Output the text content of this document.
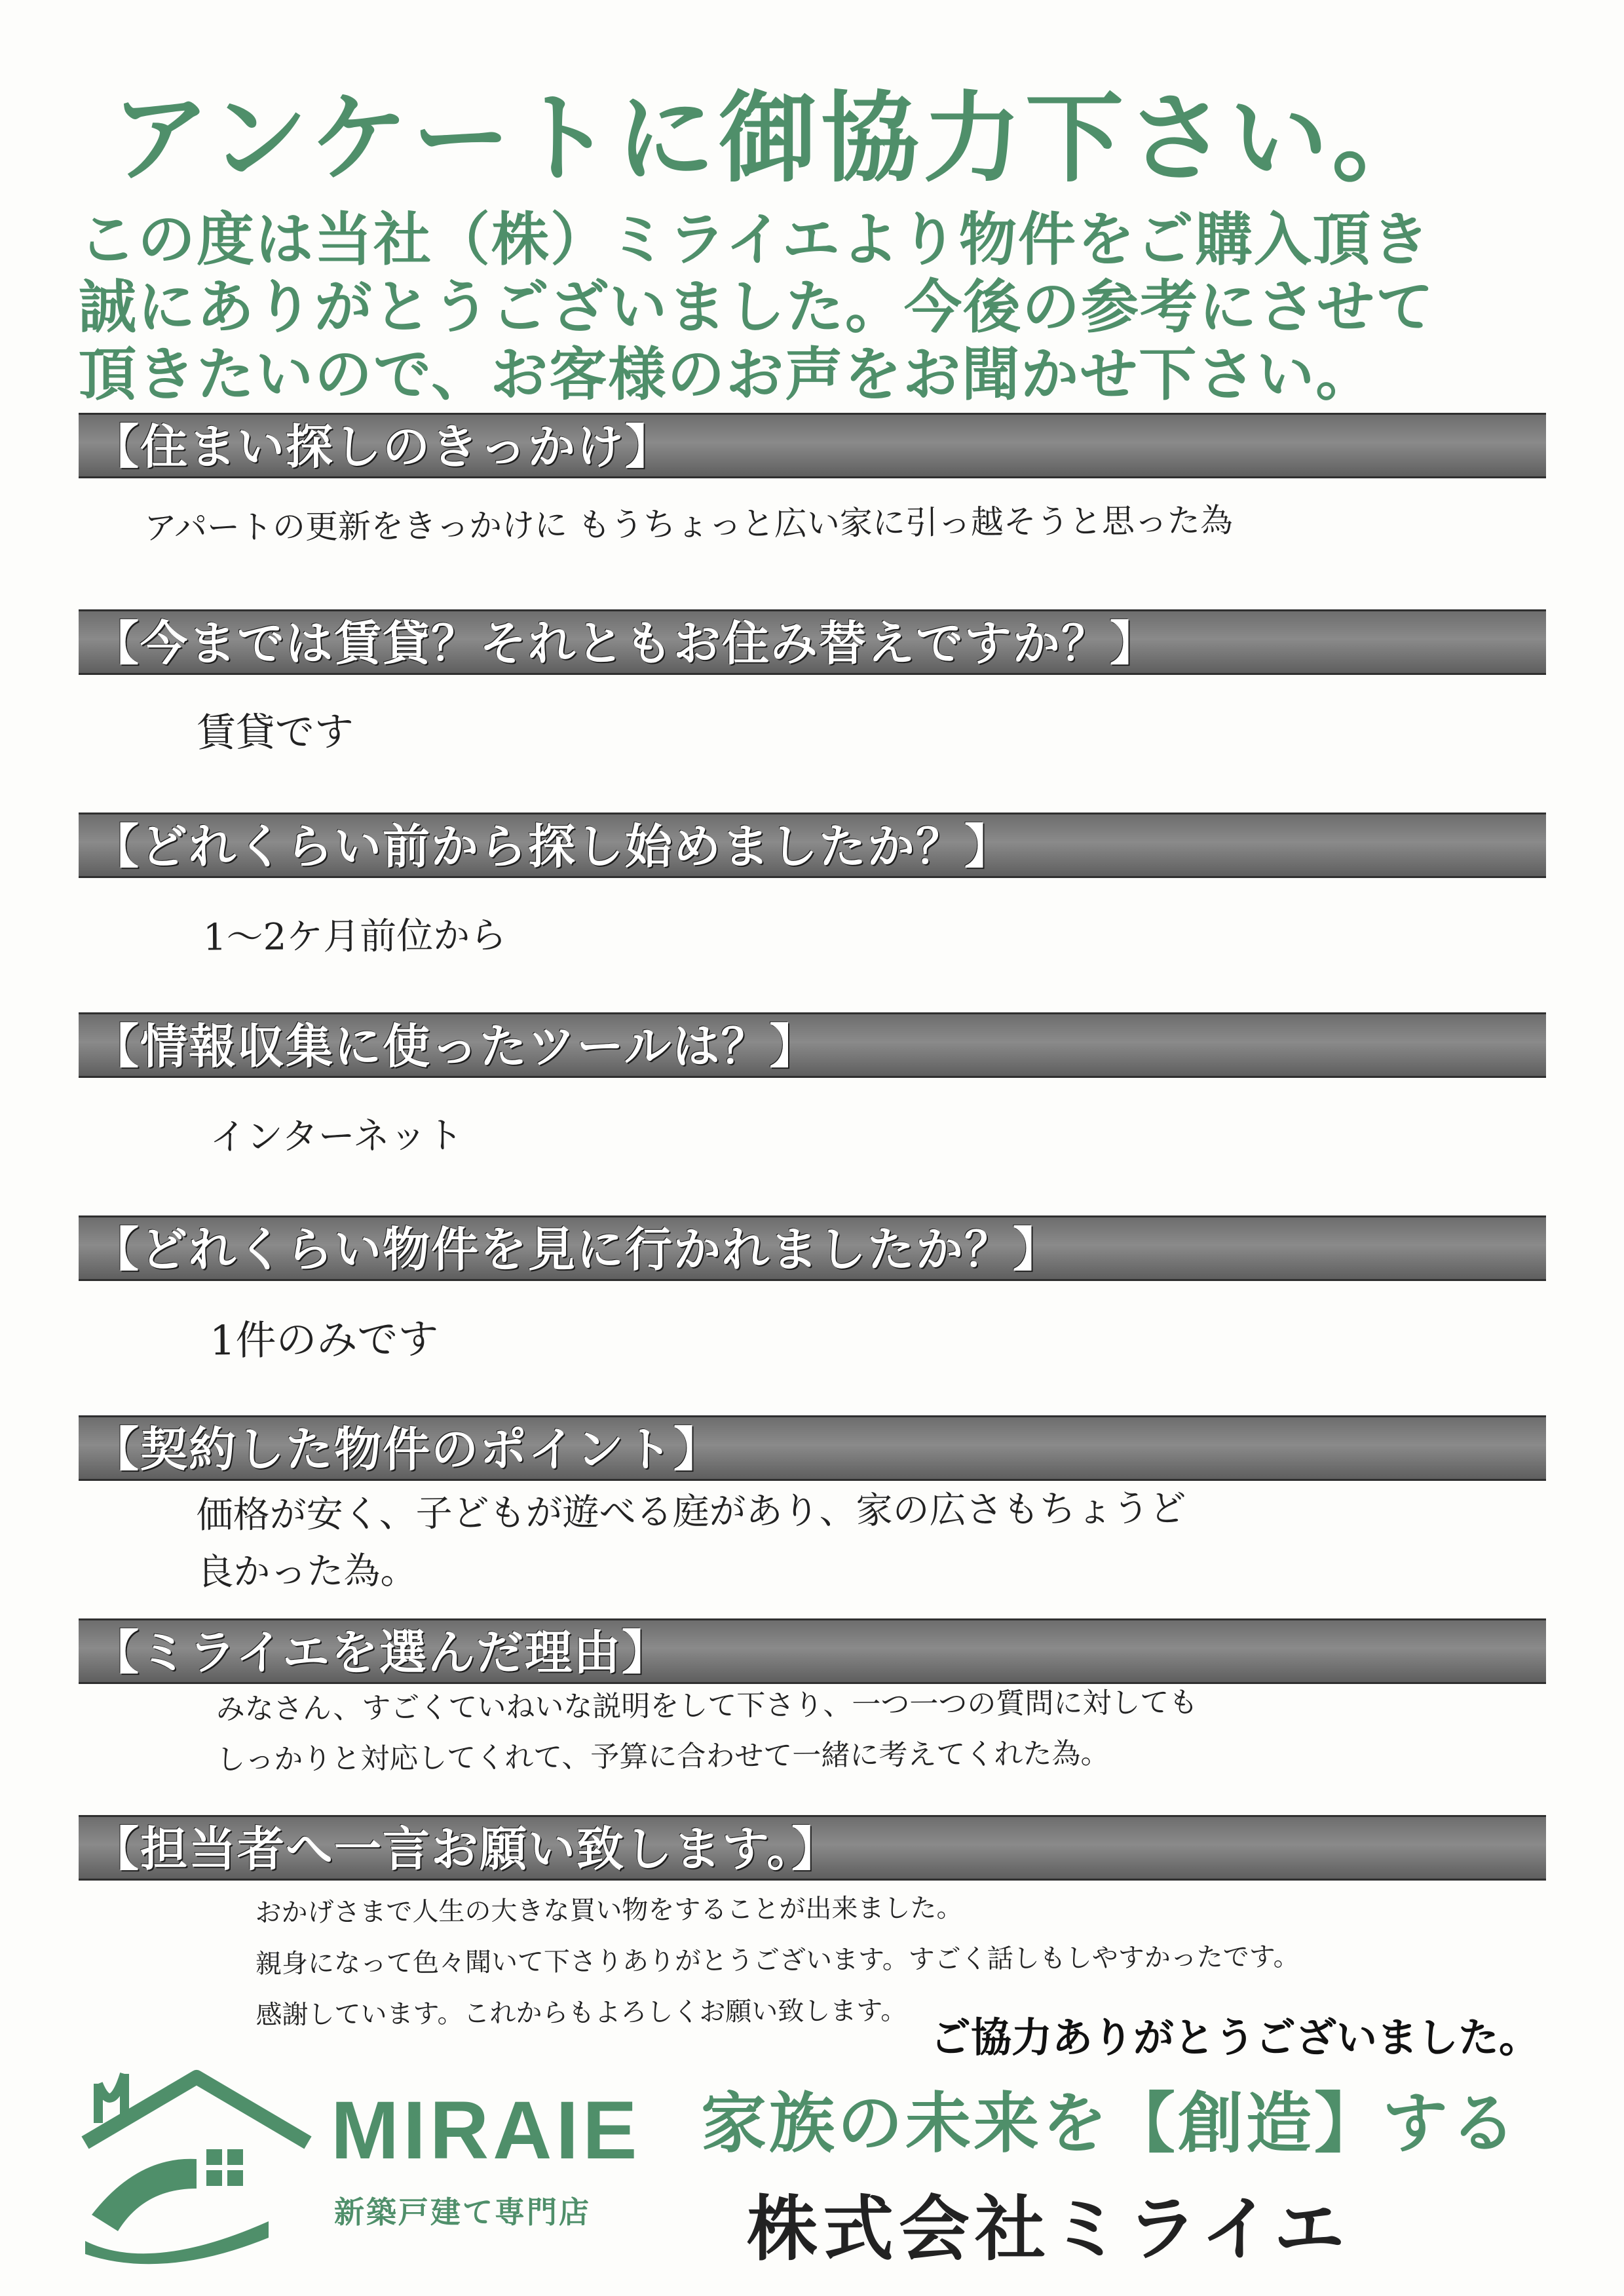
アンケートに御協力下さい。
この度は当社（株）ミライエより物件をご購入頂き
誠にありがとうございました。今後の参考にさせて
頂きたいので、お客様のお声をお聞かせ下さい。
【住まい探しのきっかけ】
アパートの更新をきっかけに もうちょっと広い家に引っ越そうと思った為
【今までは賃貸？それともお住み替えですか？】
賃貸です
【どれくらい前から探し始めましたか？】
1〜2ケ月前位から
【情報収集に使ったツールは？】
インターネット
【どれくらい物件を見に行かれましたか？】
1件のみです
【契約した物件のポイント】
価格が安く、子どもが遊べる庭があり、家の広さもちょうど
良かった為。
【ミライエを選んだ理由】
みなさん、すごくていねいな説明をして下さり、一つ一つの質問に対しても
しっかりと対応してくれて、予算に合わせて一緒に考えてくれた為。
【担当者へ一言お願い致します。】
おかげさまで人生の大きな買い物をすることが出来ました。
親身になって色々聞いて下さりありがとうございます。すごく話しもしやすかったです。
感謝しています。これからもよろしくお願い致します。
ご協力ありがとうございました。
MIRAIE
新築戸建て専門店
家族の未来を【創造】する
株式会社ミライエ
